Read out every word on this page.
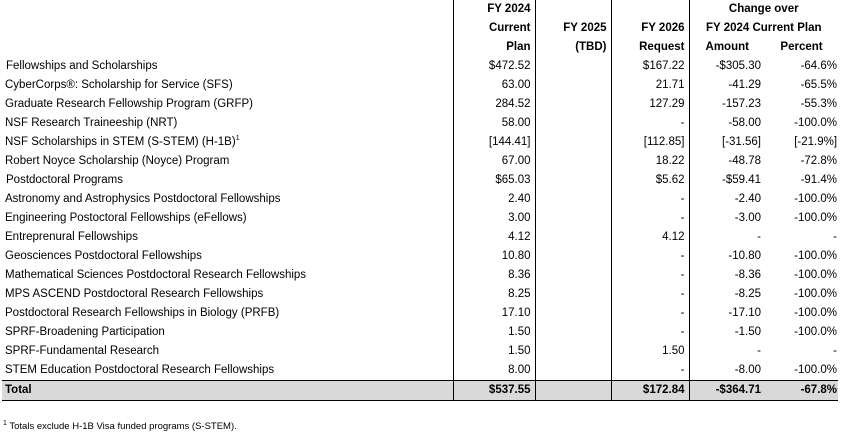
	FY 2024			Change over	
	Current	FY 2025	FY 2026	FY 2024 Current Plan	
	Plan	(TBD)	Request	Amount	Percent
Fellowships and Scholarships	$472.52		$167.22	-$305.30	-64.6%
CyberCorps®: Scholarship for Service (SFS)	63.00		21.71	-41.29	-65.5%
Graduate Research Fellowship Program (GRFP)	284.52		127.29	-157.23	-55.3%
NSF Research Traineeship (NRT)	58.00		-	-58.00	-100.0%
NSF Scholarships in STEM (S-STEM) $(H-1B)^1$	[144.41]		[112.85]	[-31.56]	[-21.9%]
Robert Noyce Scholarship (Noyce) Program	67.00		18.22	-48.78	-72.8%
Postdoctoral Programs	$65.03		$5.62	-$59.41	-91.4%
Astronomy and Astrophysics Postdoctoral Fellowships	2.40		-	-2.40	-100.0%
Engineering Postoctoral Fellowships (eFellows)	3.00		-	-3.00	-100.0%
Entreprenural Fellowships	4.12		4.12	-	-
Geosciences Postdoctoral Fellowships	10.80		-	-10.80	-100.0%
Mathematical Sciences Postdoctoral Research Fellowships	8.36		-	-8.36	-100.0%
MPS ASCEND Postdoctoral Research Fellowships	8.25		-	-8.25	-100.0%
Postdoctoral Research Fellowships in Biology (PRFB)	17.10		-	-17.10	-100.0%
SPRF-Broadening Participation	1.50		-	-1.50	-100.0%
SPRF-Fundamental Research	1.50		1.50	-	-
STEM Education Postdoctoral Research Fellowships	8.00		-	-8.00	-100.0%
Total	$537.55		$172.84	-$364.71	-67.8%
$^1$ Totals exclude H-1B Visa funded programs (S-STEM).
